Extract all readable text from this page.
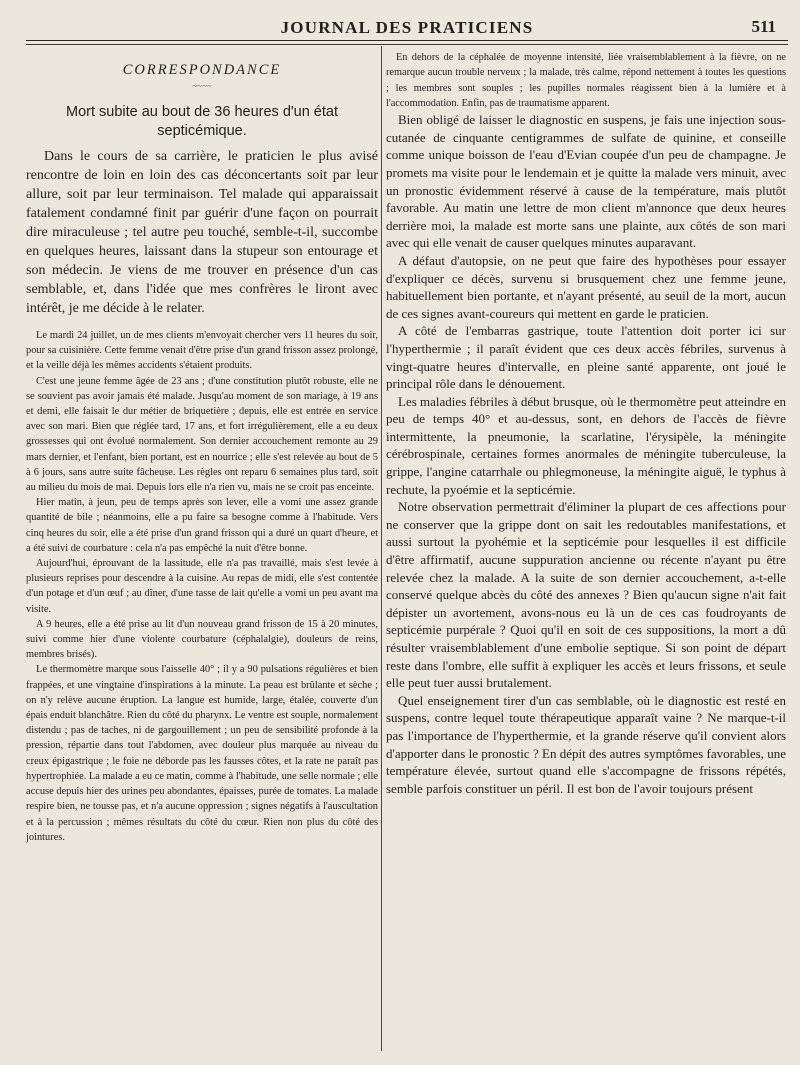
JOURNAL DES PRATICIENS	511
CORRESPONDANCE
~~~~
Mort subite au bout de 36 heures d'un état septicémique.

Dans le cours de sa carrière, le praticien le plus avisé rencontre de loin en loin des cas déconcertants soit par leur allure, soit par leur terminaison. Tel malade qui apparaissait fatalement condamné finit par guérir d'une façon on pourrait dire miraculeuse ; tel autre peu touché, semble-t-il, succombe en quelques heures, laissant dans la stupeur son entourage et son médecin. Je viens de me trouver en présence d'un cas semblable, et, dans l'idée que mes confrères le liront avec intérêt, je me décide à le relater.

Le mardi 24 juillet, un de mes clients m'envoyait chercher vers 11 heures du soir, pour sa cuisinière. Cette femme venait d'être prise d'un grand frisson assez prolongé, et la veille déjà les mêmes accidents s'étaient produits.

C'est une jeune femme âgée de 23 ans ; d'une constitution plutôt robuste, elle ne se souvient pas avoir jamais été malade. Jusqu'au moment de son mariage, à 19 ans et demi, elle faisait le dur métier de briquetière ; depuis, elle est entrée en service avec son mari. Bien que réglée tard, 17 ans, et fort irrégulièrement, elle a eu deux grossesses qui ont évolué normalement. Son dernier accouchement remonte au 29 mars dernier, et l'enfant, bien portant, est en nourrice ; elle s'est relevée au bout de 5 à 6 jours, sans autre suite fâcheuse. Les règles ont reparu 6 semaines plus tard, soit au milieu du mois de mai. Depuis lors elle n'a rien vu, mais ne se croit pas enceinte.

Hier matin, à jeun, peu de temps après son lever, elle a vomi une assez grande quantité de bile ; néanmoins, elle a pu faire sa besogne comme à l'habitude. Vers cinq heures du soir, elle a été prise d'un grand frisson qui a duré un quart d'heure, et a été suivi de courbature : cela n'a pas empêché la nuit d'être bonne.

Aujourd'hui, éprouvant de la lassitude, elle n'a pas travaillé, mais s'est levée à plusieurs reprises pour descendre à la cuisine. Au repas de midi, elle s'est contentée d'un potage et d'un œuf ; au dîner, d'une tasse de lait qu'elle a vomi un peu avant ma visite.

A 9 heures, elle a été prise au lit d'un nouveau grand frisson de 15 à 20 minutes, suivi comme hier d'une violente courbature (céphalalgie), douleurs de reins, membres brisés).

Le thermomètre marque sous l'aisselle 40° ; il y a 90 pulsations régulières et bien frappées, et une vingtaine d'inspirations à la minute. La peau est brûlante et sèche ; on n'y relève aucune éruption. La langue est humide, large, étalée, couverte d'un épais enduit blanchâtre. Rien du côté du pharynx. Le ventre est souple, normalement distendu ; pas de taches, ni de gargouillement ; un peu de sensibilité profonde à la pression, répartie dans tout l'abdomen, avec douleur plus marquée au niveau du creux épigastrique ; le foie ne déborde pas les fausses côtes, et la rate ne paraît pas hypertrophiée. La malade a eu ce matin, comme à l'habitude, une selle normale ; elle accuse depuis hier des urines peu abondantes, épaisses, purée de tomates. La malade respire bien, ne tousse pas, et n'a aucune oppression ; signes négatifs à l'auscultation et à la percussion ; mêmes résultats du côté du cœur. Rien non plus du côté des jointures.

En dehors de la céphalée de moyenne intensité, liée vraisemblablement à la fièvre, on ne remarque aucun trouble nerveux ; la malade, très calme, répond nettement à toutes les questions ; les membres sont souples ; les pupilles normales réagissent bien à la lumière et à l'accommodation. Enfin, pas de traumatisme apparent.

Bien obligé de laisser le diagnostic en suspens, je fais une injection sous-cutanée de cinquante centigrammes de sulfate de quinine, et conseille comme unique boisson de l'eau d'Evian coupée d'un peu de champagne. Je promets ma visite pour le lendemain et je quitte la malade vers minuit, avec un pronostic évidemment réservé à cause de la température, mais plutôt favorable. Au matin une lettre de mon client m'annonce que deux heures derrière moi, la malade est morte sans une plainte, aux côtés de son mari avec qui elle venait de causer quelques minutes auparavant.

A défaut d'autopsie, on ne peut que faire des hypothèses pour essayer d'expliquer ce décès, survenu si brusquement chez une femme jeune, habituellement bien portante, et n'ayant présenté, au seuil de la mort, aucun de ces signes avant-coureurs qui mettent en garde le praticien.

A côté de l'embarras gastrique, toute l'attention doit porter ici sur l'hyperthermie ; il paraît évident que ces deux accès fébriles, survenus à vingt-quatre heures d'intervalle, en pleine santé apparente, ont joué le principal rôle dans le dénouement.

Les maladies fébriles à début brusque, où le thermomètre peut atteindre en peu de temps 40° et au-dessus, sont, en dehors de l'accès de fièvre intermittente, la pneumonie, la scarlatine, l'érysipèle, la méningite cérébrospinale, certaines formes anormales de méningite tuberculeuse, la grippe, l'angine catarrhale ou phlegmoneuse, la méningite aiguë, le typhus à rechute, la pyoémie et la septicémie.

Notre observation permettrait d'éliminer la plupart de ces affections pour ne conserver que la grippe dont on sait les redoutables manifestations, et aussi surtout la pyohémie et la septicémie pour lesquelles il est difficile d'être affirmatif, aucune suppuration ancienne ou récente n'ayant pu être relevée chez la malade. A la suite de son dernier accouchement, a-t-elle conservé quelque abcès du côté des annexes ? Bien qu'aucun signe n'ait fait dépister un avortement, avons-nous eu là un de ces cas foudroyants de septicémie purpérale ? Quoi qu'il en soit de ces suppositions, la mort a dû résulter vraisemblablement d'une embolie septique. Si son point de départ reste dans l'ombre, elle suffit à expliquer les accès et leurs frissons, et seule elle peut tuer aussi brutalement.

Quel enseignement tirer d'un cas semblable, où le diagnostic est resté en suspens, contre lequel toute thérapeutique apparaît vaine ? Ne marque-t-il pas l'importance de l'hyperthermie, et la grande réserve qu'il convient alors d'apporter dans le pronostic ? En dépit des autres symptômes favorables, une température élevée, surtout quand elle s'accompagne de frissons répétés, semble parfois constituer un péril. Il est bon de l'avoir toujours présent
